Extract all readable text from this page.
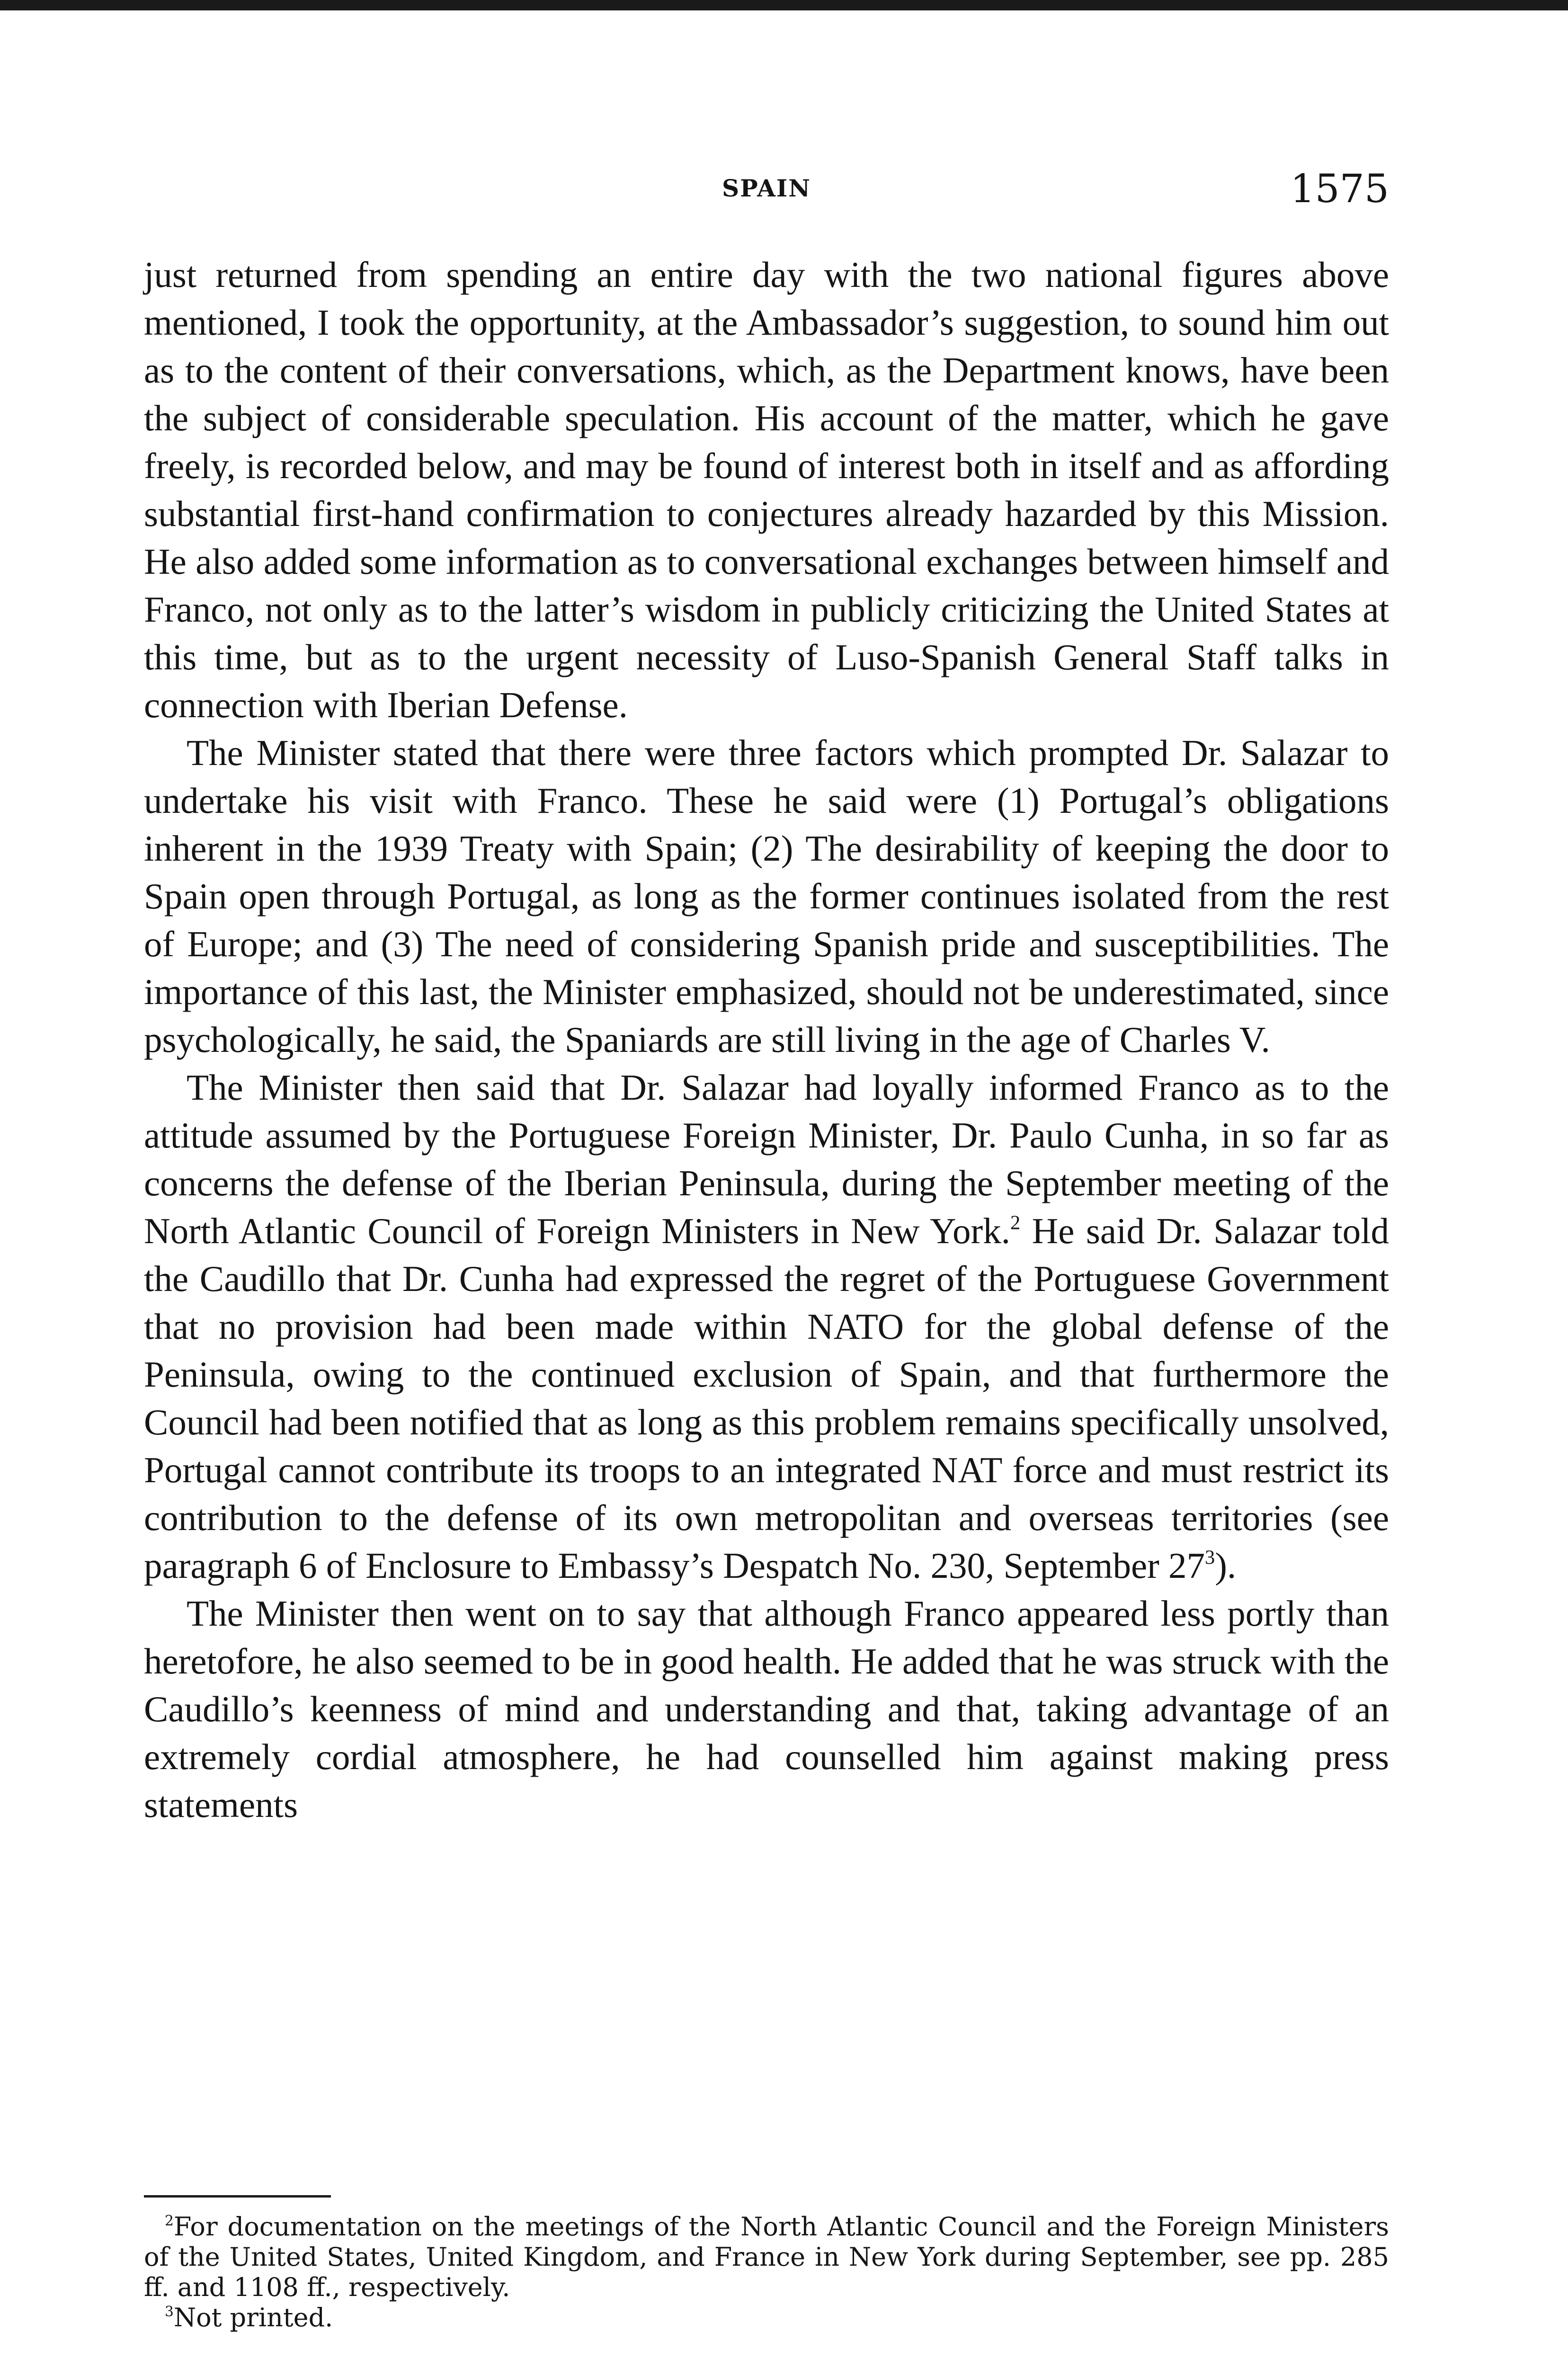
SPAIN	1575

just returned from spending an entire day with the two national figures above mentioned, I took the opportunity, at the Ambassador’s suggestion, to sound him out as to the content of their conversations, which, as the Department knows, have been the subject of considerable speculation. His account of the matter, which he gave freely, is recorded below, and may be found of interest both in itself and as affording substantial first-hand confirmation to conjectures already hazarded by this Mission. He also added some information as to conversational exchanges between himself and Franco, not only as to the latter’s wisdom in publicly criticizing the United States at this time, but as to the urgent necessity of Luso-Spanish General Staff talks in connection with Iberian Defense.

The Minister stated that there were three factors which prompted Dr. Salazar to undertake his visit with Franco. These he said were (1) Portugal’s obligations inherent in the 1939 Treaty with Spain; (2) The desirability of keeping the door to Spain open through Portugal, as long as the former continues isolated from the rest of Europe; and (3) The need of considering Spanish pride and susceptibilities. The importance of this last, the Minister emphasized, should not be underestimated, since psychologically, he said, the Spaniards are still living in the age of Charles V.

The Minister then said that Dr. Salazar had loyally informed Franco as to the attitude assumed by the Portuguese Foreign Minister, Dr. Paulo Cunha, in so far as concerns the defense of the Iberian Peninsula, during the September meeting of the North Atlantic Council of Foreign Ministers in New York.$^2$ He said Dr. Salazar told the Caudillo that Dr. Cunha had expressed the regret of the Portuguese Government that no provision had been made within NATO for the global defense of the Peninsula, owing to the continued exclusion of Spain, and that furthermore the Council had been notified that as long as this problem remains specifically unsolved, Portugal cannot contribute its troops to an integrated NAT force and must restrict its contribution to the defense of its own metropolitan and overseas territories (see paragraph 6 of Enclosure to Embassy’s Despatch No. 230, September $27^3$).

The Minister then went on to say that although Franco appeared less portly than heretofore, he also seemed to be in good health. He added that he was struck with the Caudillo’s keenness of mind and understanding and that, taking advantage of an extremely cordial atmosphere, he had counselled him against making press statements

$^2$For documentation on the meetings of the North Atlantic Council and the Foreign Ministers of the United States, United Kingdom, and France in New York during September, see pp. 285 ff. and 1108 ff., respectively.

$^3$Not printed.
